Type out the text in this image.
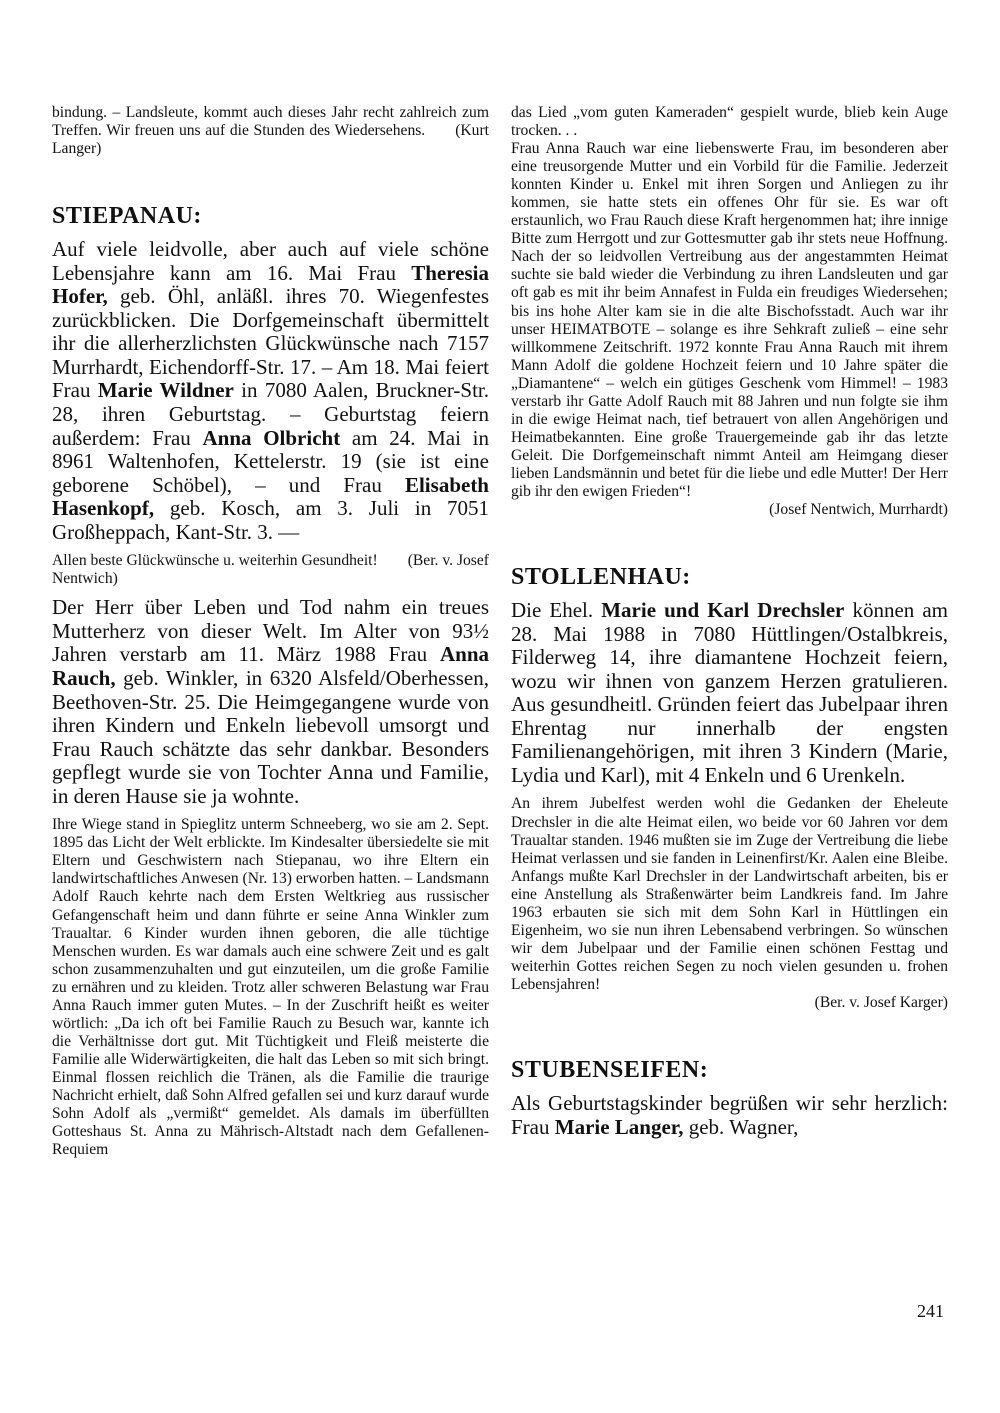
bindung. – Landsleute, kommt auch dieses Jahr recht zahlreich zum Treffen. Wir freuen uns auf die Stunden des Wiedersehens. (Kurt Langer)

STIEPANAU:

Auf viele leidvolle, aber auch auf viele schöne Lebensjahre kann am 16. Mai Frau Theresia Hofer, geb. Öhl, anläßl. ihres 70. Wiegenfestes zurückblicken. Die Dorfgemeinschaft übermittelt ihr die allerherzlichsten Glückwünsche nach 7157 Murrhardt, Eichendorff-Str. 17. – Am 18. Mai feiert Frau Marie Wildner in 7080 Aalen, Bruckner-Str. 28, ihren Geburtstag. – Geburtstag feiern außerdem: Frau Anna Olbricht am 24. Mai in 8961 Waltenhofen, Kettelerstr. 19 (sie ist eine geborene Schöbel), – und Frau Elisabeth Hasenkopf, geb. Kosch, am 3. Juli in 7051 Großheppach, Kant-Str. 3. —

Allen beste Glückwünsche u. weiterhin Gesundheit! (Ber. v. Josef Nentwich)

Der Herr über Leben und Tod nahm ein treues Mutterherz von dieser Welt. Im Alter von 93½ Jahren verstarb am 11. März 1988 Frau Anna Rauch, geb. Winkler, in 6320 Alsfeld/Oberhessen, Beethoven-Str. 25. Die Heimgegangene wurde von ihren Kindern und Enkeln liebevoll umsorgt und Frau Rauch schätzte das sehr dankbar. Besonders gepflegt wurde sie von Tochter Anna und Familie, in deren Hause sie ja wohnte.

Ihre Wiege stand in Spieglitz unterm Schneeberg, wo sie am 2. Sept. 1895 das Licht der Welt erblickte. Im Kindesalter übersiedelte sie mit Eltern und Geschwistern nach Stiepanau, wo ihre Eltern ein landwirtschaftliches Anwesen (Nr. 13) erworben hatten. – Landsmann Adolf Rauch kehrte nach dem Ersten Weltkrieg aus russischer Gefangenschaft heim und dann führte er seine Anna Winkler zum Traualtar. 6 Kinder wurden ihnen geboren, die alle tüchtige Menschen wurden. Es war damals auch eine schwere Zeit und es galt schon zusammenzuhalten und gut einzuteilen, um die große Familie zu ernähren und zu kleiden. Trotz aller schweren Belastung war Frau Anna Rauch immer guten Mutes. – In der Zuschrift heißt es weiter wörtlich: „Da ich oft bei Familie Rauch zu Besuch war, kannte ich die Verhältnisse dort gut. Mit Tüchtigkeit und Fleiß meisterte die Familie alle Widerwärtigkeiten, die halt das Leben so mit sich bringt. Einmal flossen reichlich die Tränen, als die Familie die traurige Nachricht erhielt, daß Sohn Alfred gefallen sei und kurz darauf wurde Sohn Adolf als „vermißt“ gemeldet. Als damals im überfüllten Gotteshaus St. Anna zu Mährisch-Altstadt nach dem Gefallenen-Requiem

das Lied „vom guten Kameraden“ gespielt wurde, blieb kein Auge trocken. . .

Frau Anna Rauch war eine liebenswerte Frau, im besonderen aber eine treusorgende Mutter und ein Vorbild für die Familie. Jederzeit konnten Kinder u. Enkel mit ihren Sorgen und Anliegen zu ihr kommen, sie hatte stets ein offenes Ohr für sie. Es war oft erstaunlich, wo Frau Rauch diese Kraft hergenommen hat; ihre innige Bitte zum Herrgott und zur Gottesmutter gab ihr stets neue Hoffnung. Nach der so leidvollen Vertreibung aus der angestammten Heimat suchte sie bald wieder die Verbindung zu ihren Landsleuten und gar oft gab es mit ihr beim Annafest in Fulda ein freudiges Wiedersehen; bis ins hohe Alter kam sie in die alte Bischofsstadt. Auch war ihr unser HEIMATBOTE – solange es ihre Sehkraft zuließ – eine sehr willkommene Zeitschrift. 1972 konnte Frau Anna Rauch mit ihrem Mann Adolf die goldene Hochzeit feiern und 10 Jahre später die „Diamantene“ – welch ein gütiges Geschenk vom Himmel! – 1983 verstarb ihr Gatte Adolf Rauch mit 88 Jahren und nun folgte sie ihm in die ewige Heimat nach, tief betrauert von allen Angehörigen und Heimatbekannten. Eine große Trauergemeinde gab ihr das letzte Geleit. Die Dorfgemeinschaft nimmt Anteil am Heimgang dieser lieben Landsmännin und betet für die liebe und edle Mutter! Der Herr gib ihr den ewigen Frieden“!

(Josef Nentwich, Murrhardt)

STOLLENHAU:

Die Ehel. Marie und Karl Drechsler können am 28. Mai 1988 in 7080 Hüttlingen/Ostalbkreis, Filderweg 14, ihre diamantene Hochzeit feiern, wozu wir ihnen von ganzem Herzen gratulieren. Aus gesundheitl. Gründen feiert das Jubelpaar ihren Ehrentag nur innerhalb der engsten Familienangehörigen, mit ihren 3 Kindern (Marie, Lydia und Karl), mit 4 Enkeln und 6 Urenkeln.

An ihrem Jubelfest werden wohl die Gedanken der Eheleute Drechsler in die alte Heimat eilen, wo beide vor 60 Jahren vor dem Traualtar standen. 1946 mußten sie im Zuge der Vertreibung die liebe Heimat verlassen und sie fanden in Leinenfirst/Kr. Aalen eine Bleibe. Anfangs mußte Karl Drechsler in der Landwirtschaft arbeiten, bis er eine Anstellung als Straßenwärter beim Landkreis fand. Im Jahre 1963 erbauten sie sich mit dem Sohn Karl in Hüttlingen ein Eigenheim, wo sie nun ihren Lebensabend verbringen. So wünschen wir dem Jubelpaar und der Familie einen schönen Festtag und weiterhin Gottes reichen Segen zu noch vielen gesunden u. frohen Lebensjahren!

(Ber. v. Josef Karger)

STUBENSEIFEN:

Als Geburtstagskinder begrüßen wir sehr herzlich: Frau Marie Langer, geb. Wagner,

241
